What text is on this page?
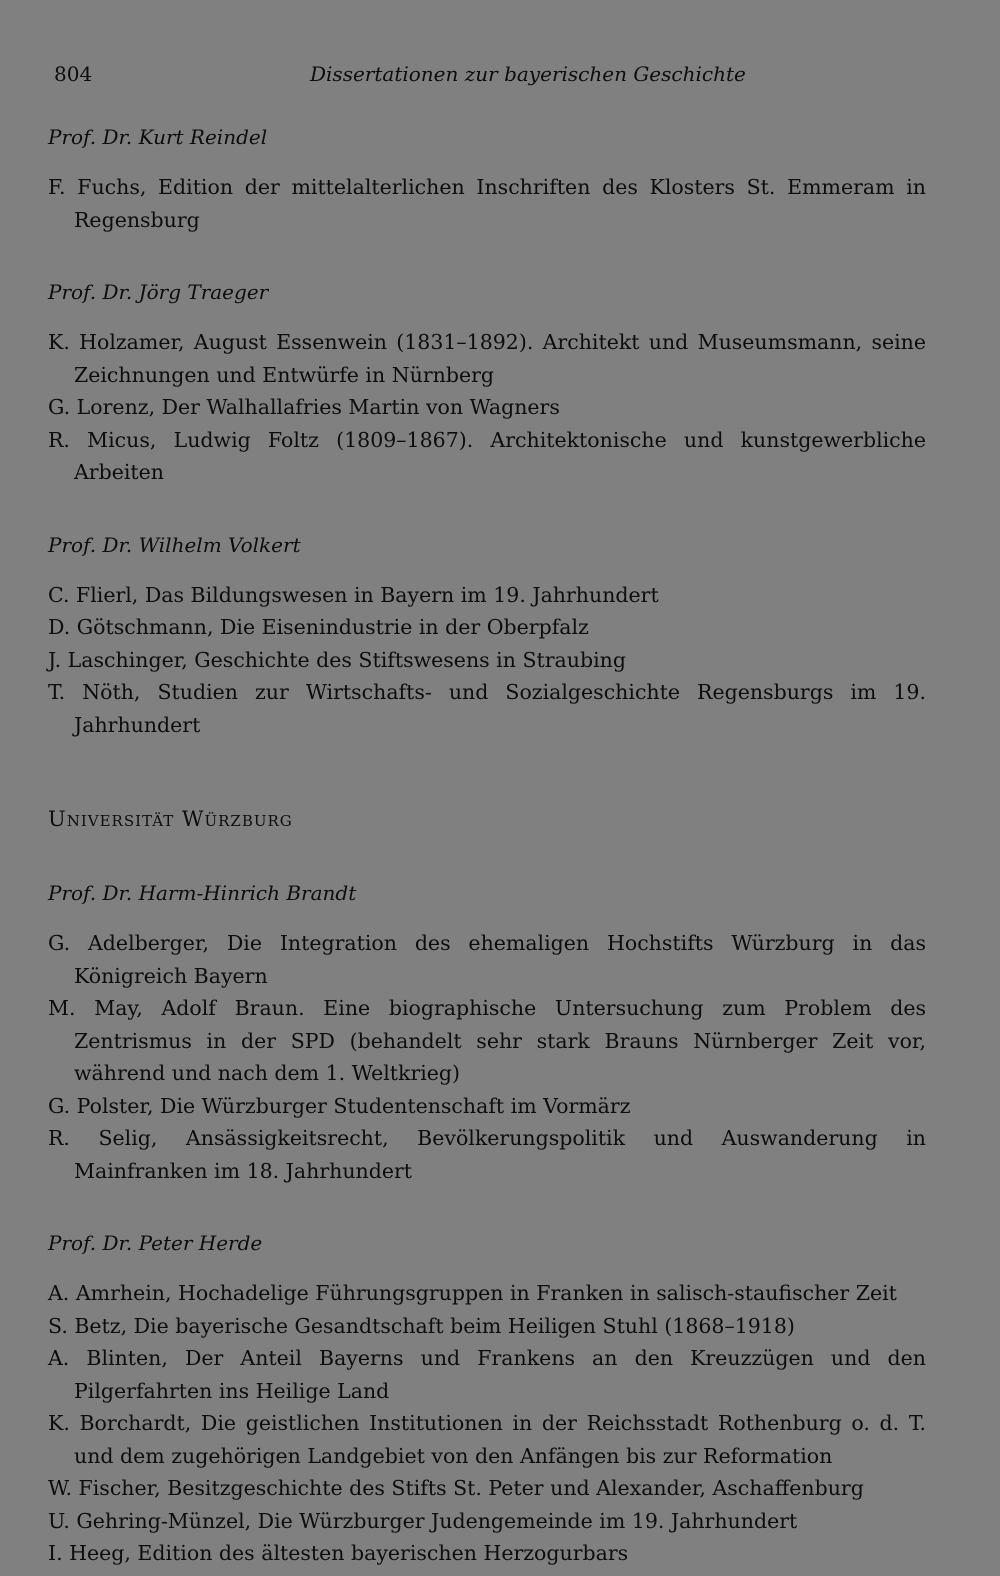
804	Dissertationen zur bayerischen Geschichte
Prof. Dr. Kurt Reindel
F. Fuchs, Edition der mittelalterlichen Inschriften des Klosters St. Emmeram in Regensburg
Prof. Dr. Jörg Traeger
K. Holzamer, August Essenwein (1831–1892). Architekt und Museumsmann, seine Zeichnungen und Entwürfe in Nürnberg
G. Lorenz, Der Walhallafries Martin von Wagners
R. Micus, Ludwig Foltz (1809–1867). Architektonische und kunstgewerbliche Arbeiten
Prof. Dr. Wilhelm Volkert
C. Flierl, Das Bildungswesen in Bayern im 19. Jahrhundert
D. Götschmann, Die Eisenindustrie in der Oberpfalz
J. Laschinger, Geschichte des Stiftswesens in Straubing
T. Nöth, Studien zur Wirtschafts- und Sozialgeschichte Regensburgs im 19. Jahrhundert
Universität Würzburg
Prof. Dr. Harm-Hinrich Brandt
G. Adelberger, Die Integration des ehemaligen Hochstifts Würzburg in das Königreich Bayern
M. May, Adolf Braun. Eine biographische Untersuchung zum Problem des Zentrismus in der SPD (behandelt sehr stark Brauns Nürnberger Zeit vor, während und nach dem 1. Weltkrieg)
G. Polster, Die Würzburger Studentenschaft im Vormärz
R. Selig, Ansässigkeitsrecht, Bevölkerungspolitik und Auswanderung in Mainfranken im 18. Jahrhundert
Prof. Dr. Peter Herde
A. Amrhein, Hochadelige Führungsgruppen in Franken in salisch-staufischer Zeit
S. Betz, Die bayerische Gesandtschaft beim Heiligen Stuhl (1868–1918)
A. Blinten, Der Anteil Bayerns und Frankens an den Kreuzzügen und den Pilgerfahrten ins Heilige Land
K. Borchardt, Die geistlichen Institutionen in der Reichsstadt Rothenburg o. d. T. und dem zugehörigen Landgebiet von den Anfängen bis zur Reformation
W. Fischer, Besitzgeschichte des Stifts St. Peter und Alexander, Aschaffenburg
U. Gehring-Münzel, Die Würzburger Judengemeinde im 19. Jahrhundert
I. Heeg, Edition des ältesten bayerischen Herzogurbars
